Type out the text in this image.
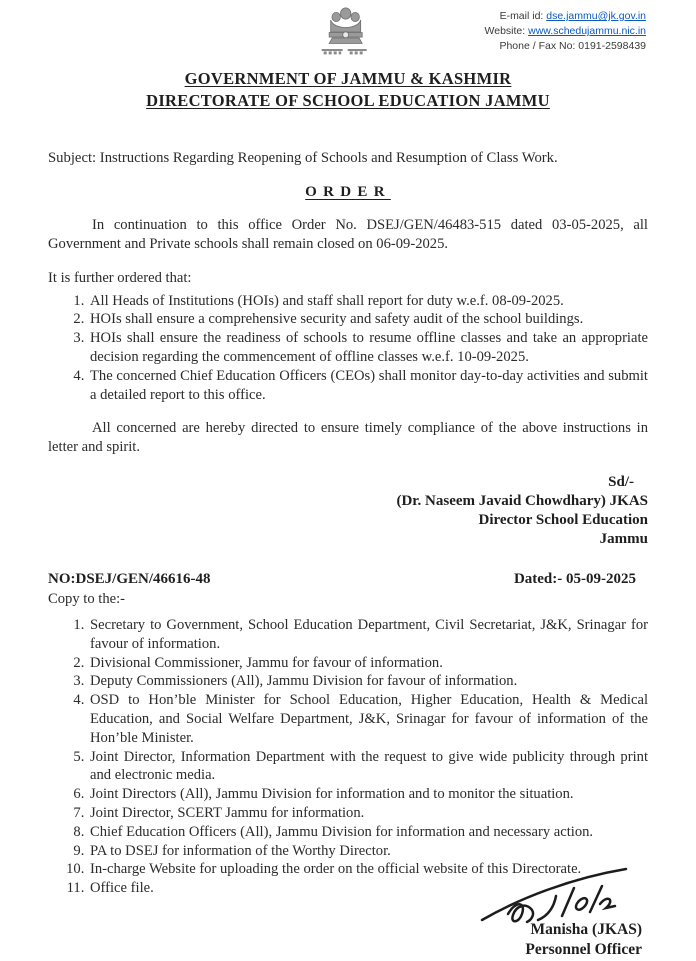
E-mail id: dse.jammu@jk.gov.in
Website: www.schedujammu.nic.in
Phone / Fax No: 0191-2598439
GOVERNMENT OF JAMMU & KASHMIR
DIRECTORATE OF SCHOOL EDUCATION JAMMU
Subject: Instructions Regarding Reopening of Schools and Resumption of Class Work.
ORDER

In continuation to this office Order No. DSEJ/GEN/46483-515 dated 03-05-2025, all Government and Private schools shall remain closed on 06-09-2025.

It is further ordered that:
1. All Heads of Institutions (HOIs) and staff shall report for duty w.e.f. 08-09-2025.
2. HOIs shall ensure a comprehensive security and safety audit of the school buildings.
3. HOIs shall ensure the readiness of schools to resume offline classes and take an appropriate decision regarding the commencement of offline classes w.e.f. 10-09-2025.
4. The concerned Chief Education Officers (CEOs) shall monitor day-to-day activities and submit a detailed report to this office.

All concerned are hereby directed to ensure timely compliance of the above instructions in letter and spirit.

Sd/-
(Dr. Naseem Javaid Chowdhary) JKAS
Director School Education
Jammu
NO:DSEJ/GEN/46616-48	Dated:- 05-09-2025
Copy to the:-
1. Secretary to Government, School Education Department, Civil Secretariat, J&K, Srinagar for favour of information.
2. Divisional Commissioner, Jammu for favour of information.
3. Deputy Commissioners (All), Jammu Division for favour of information.
4. OSD to Hon’ble Minister for School Education, Higher Education, Health & Medical Education, and Social Welfare Department, J&K, Srinagar for favour of information of the Hon’ble Minister.
5. Joint Director, Information Department with the request to give wide publicity through print and electronic media.
6. Joint Directors (All), Jammu Division for information and to monitor the situation.
7. Joint Director, SCERT Jammu for information.
8. Chief Education Officers (All), Jammu Division for information and necessary action.
9. PA to DSEJ for information of the Worthy Director.
10. In-charge Website for uploading the order on the official website of this Directorate.
11. Office file.
Manisha (JKAS)
Personnel Officer
